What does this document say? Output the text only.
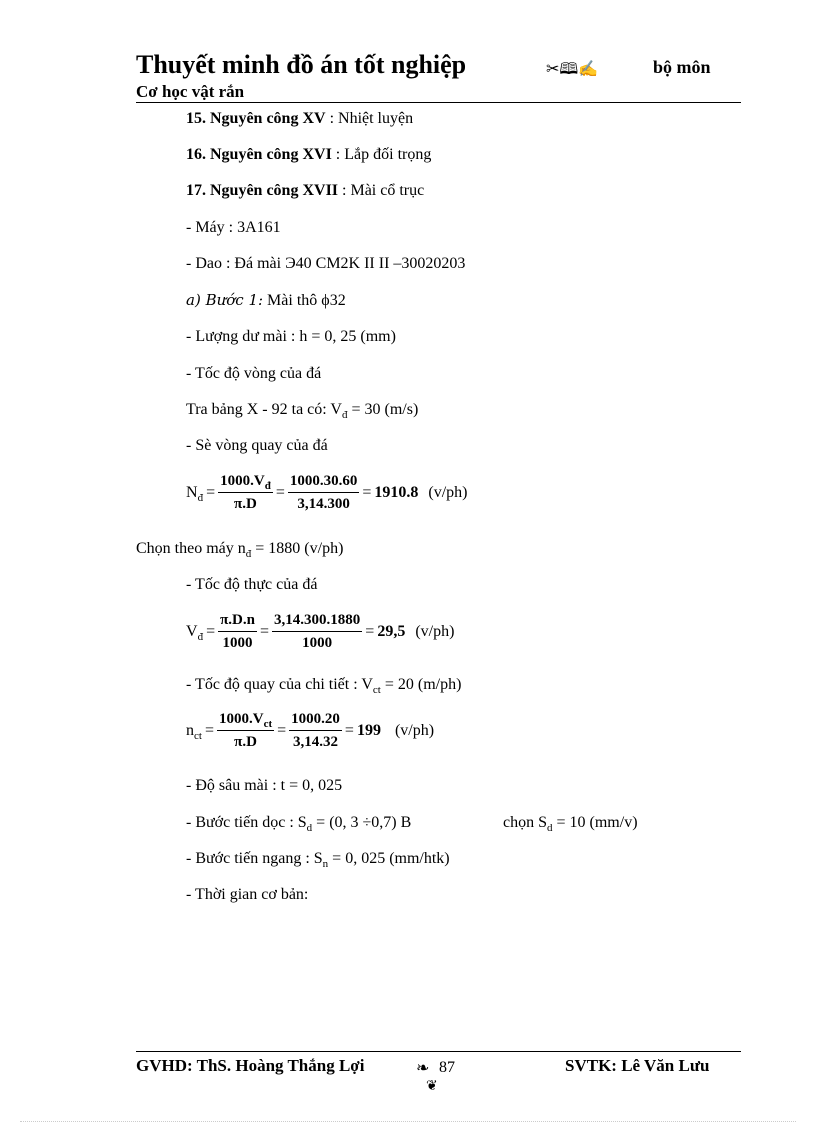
Thuyết minh đồ án tốt nghiệp	✂🕮✍	bộ môn
Cơ học vật rắn
15. Nguyên công XV : Nhiệt luyện
16. Nguyên công XVI : Lắp đối trọng
17. Nguyên công XVII : Mài cổ trục
- Máy : 3A161
- Dao : Đá mài Э40 CM2K II II –30020203
a) Bước 1: Mài thô ϕ32
- Lượng dư mài : h = 0, 25 (mm)
- Tốc độ vòng của đá
Tra bảng X - 92 ta có: $V_đ = 30$ (m/s)
- Sè vòng quay của đá
$N_đ = \frac{1000.V_đ}{\pi.D} = \frac{1000.30.60}{3,14.300} = 1910.8$ (v/ph)
Chọn theo máy $n_đ = 1880$ (v/ph)
- Tốc độ thực của đá
$V_đ = \frac{\pi.D.n}{1000} = \frac{3,14.300.1880}{1000} = 29,5$ (v/ph)
- Tốc độ quay của chi tiết : $V_{ct} = 20$ (m/ph)
$n_{ct} = \frac{1000.V_{ct}}{\pi.D} = \frac{1000.20}{3,14.32} = 199$ (v/ph)
- Độ sâu mài : t = 0, 025
- Bước tiến dọc : $S_d = (0$, 3 ÷0,7) B	chọn $S_d = 10$ (mm/v)
- Bước tiến ngang : $S_n = 0$, 025 (mm/htk)
- Thời gian cơ bản:
GVHD: ThS. Hoàng Thắng Lợi	❧ 87
❦
SVTK: Lê Văn Lưu
